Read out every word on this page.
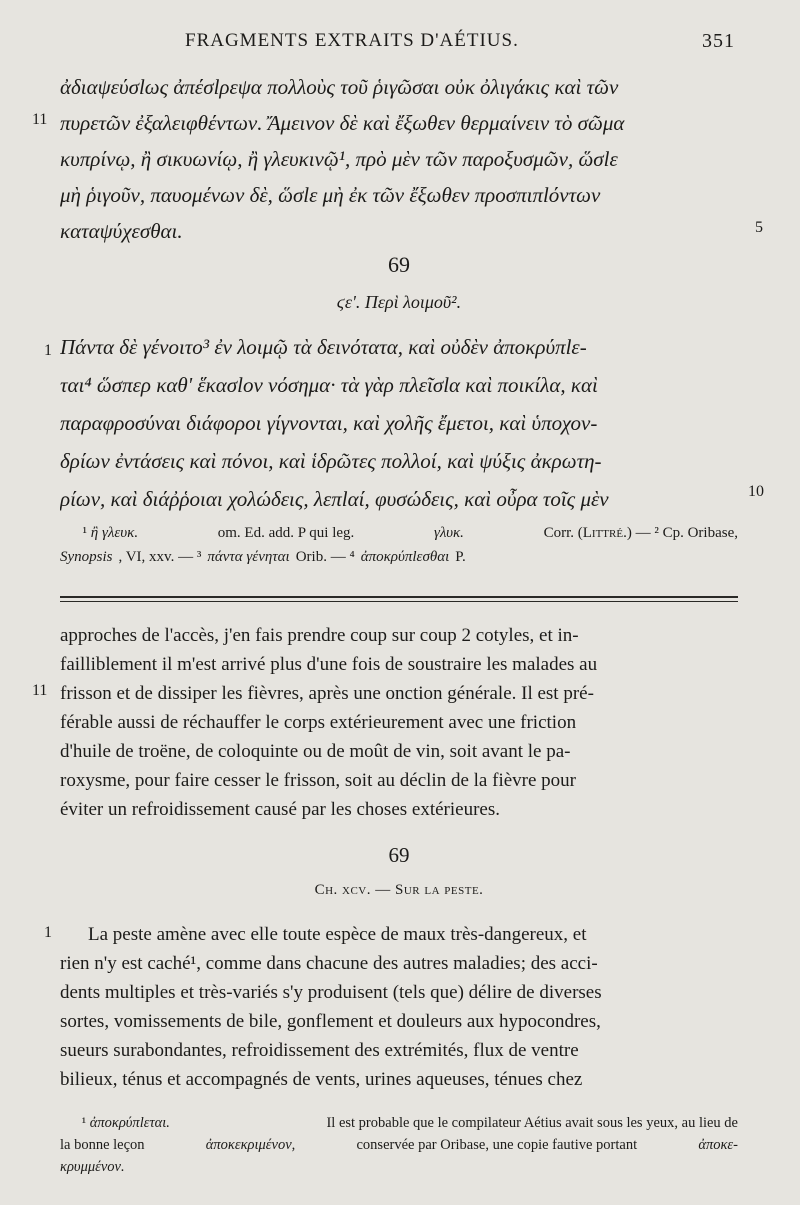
FRAGMENTS EXTRAITS D'AÉTIUS.	351
ἀδιαψεύσlως ἀπέσlρεψα πολλοὺς τοῦ ῥιγῶσαι οὐκ ὀλιγάκις καὶ τῶν
πυρετῶν ἐξαλειφθέντων. Ἄμεινον δὲ καὶ ἔξωθεν θερμαίνειν τὸ σῶμα
κυπρίνῳ, ἢ σικυωνίῳ, ἢ γλευκινῷ¹, πρὸ μὲν τῶν παροξυσμῶν, ὥσlε
μὴ ῥιγοῦν, παυομένων δὲ, ὥσlε μὴ ἐκ τῶν ἔξωθεν προσπιπlόντων
καταψύχεσθαι.
11
5
69
ϛε'. Περὶ λοιμοῦ².
1 Πάντα δὲ γένοιτο³ ἐν λοιμῷ τὰ δεινότατα, καὶ οὐδὲν ἀποκρύπlε-
ται⁴ ὥσπερ καθ' ἕκασlον νόσημα· τὰ γὰρ πλεῖσlα καὶ ποικίλα, καὶ
παραφροσύναι διάφοροι γίγνονται, καὶ χολῆς ἔμετοι, καὶ ὑποχον-
δρίων ἐντάσεις καὶ πόνοι, καὶ ἱδρῶτες πολλοί, καὶ ψύξις ἀκρωτη-
ρίων, καὶ διάῤῥοιαι χολώδεις, λεπlαί, φυσώδεις, καὶ οὖρα τοῖς μὲν	10
¹ ἢ γλευκ.	om. Ed. add. P qui leg.	γλυκ.	Corr. (Littré.) — ² Cp. Oribase,
Synopsis , VI, xxv. — ³ πάντα γένηται Orib. — ⁴ ἀποκρύπlεσθαι P.
approches de l'accès, j'en fais prendre coup sur coup 2 cotyles, et in-
failliblement il m'est arrivé plus d'une fois de soustraire les malades au
frisson et de dissiper les fièvres, après une onction générale. Il est pré-
férable aussi de réchauffer le corps extérieurement avec une friction
d'huile de troëne, de coloquinte ou de moût de vin, soit avant le pa-
roxysme, pour faire cesser le frisson, soit au déclin de la fièvre pour
éviter un refroidissement causé par les choses extérieures.
11
69
Ch. xcv. — Sur la peste.
1 La peste amène avec elle toute espèce de maux très-dangereux, et
rien n'y est caché¹, comme dans chacune des autres maladies; des acci-
dents multiples et très-variés s'y produisent (tels que) délire de diverses
sortes, vomissements de bile, gonflement et douleurs aux hypocondres,
sueurs surabondantes, refroidissement des extrémités, flux de ventre
bilieux, ténus et accompagnés de vents, urines aqueuses, ténues chez
¹ ἀποκρύπlεται.	Il est probable que le compilateur Aétius avait sous les yeux, au lieu de
la bonne leçon	ἀποκεκριμένον,	conservée par Oribase, une copie fautive portant	ἀποκε-
κρυμμένον.
